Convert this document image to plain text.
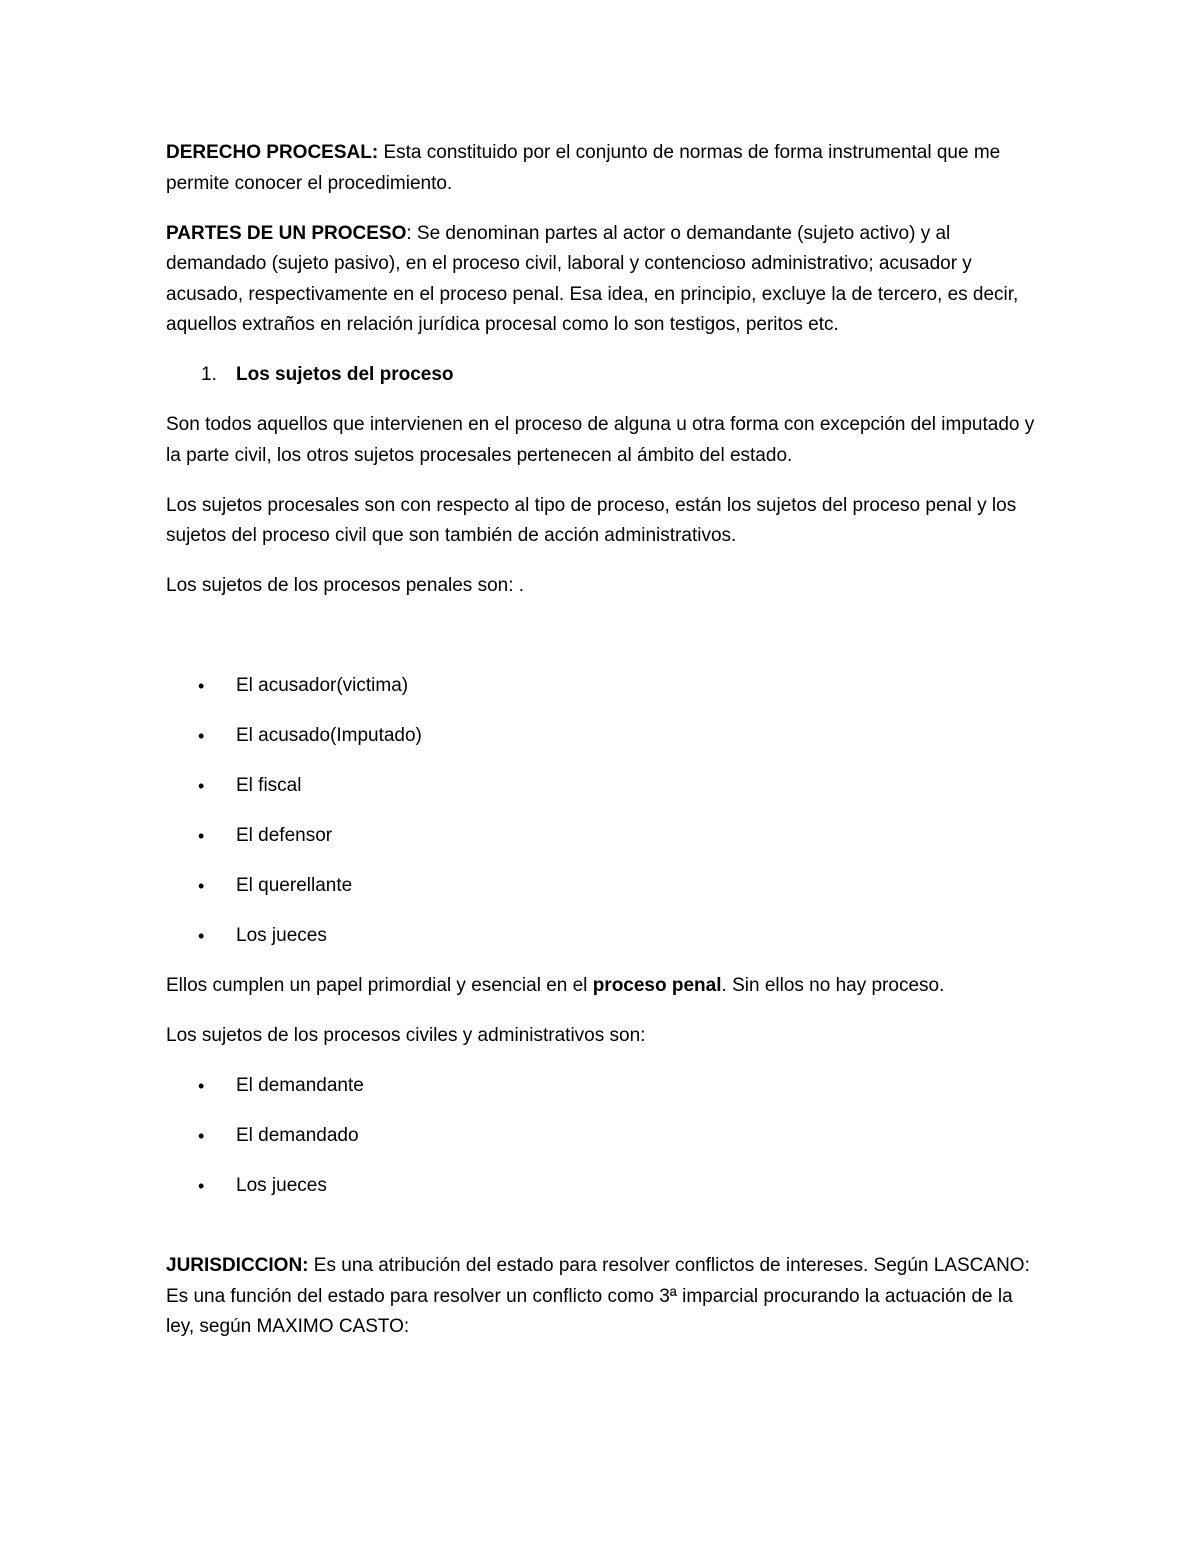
DERECHO PROCESAL: Esta constituido por el conjunto de normas de forma instrumental que me permite conocer el procedimiento.

PARTES DE UN PROCESO: Se denominan partes al actor o demandante (sujeto activo) y al demandado (sujeto pasivo), en el proceso civil, laboral y contencioso administrativo; acusador y acusado, respectivamente en el proceso penal. Esa idea, en principio, excluye la de tercero, es decir, aquellos extraños en relación jurídica procesal como lo son testigos, peritos etc.

1.	Los sujetos del proceso

Son todos aquellos que intervienen en el proceso de alguna u otra forma con excepción del imputado y la parte civil, los otros sujetos procesales pertenecen al ámbito del estado.

Los sujetos procesales son con respecto al tipo de proceso, están los sujetos del proceso penal y los sujetos del proceso civil que son también de acción administrativos.

Los sujetos de los procesos penales son: .

•	El acusador(victima)
•	El acusado(Imputado)
•	El fiscal
•	El defensor
•	El querellante
•	Los jueces

Ellos cumplen un papel primordial y esencial en el proceso penal. Sin ellos no hay proceso.

Los sujetos de los procesos civiles y administrativos son:

•	El demandante
•	El demandado
•	Los jueces

JURISDICCION: Es una atribución del estado para resolver conflictos de intereses. Según LASCANO: Es una función del estado para resolver un conflicto como 3ª imparcial procurando la actuación de la ley, según MAXIMO CASTO:
